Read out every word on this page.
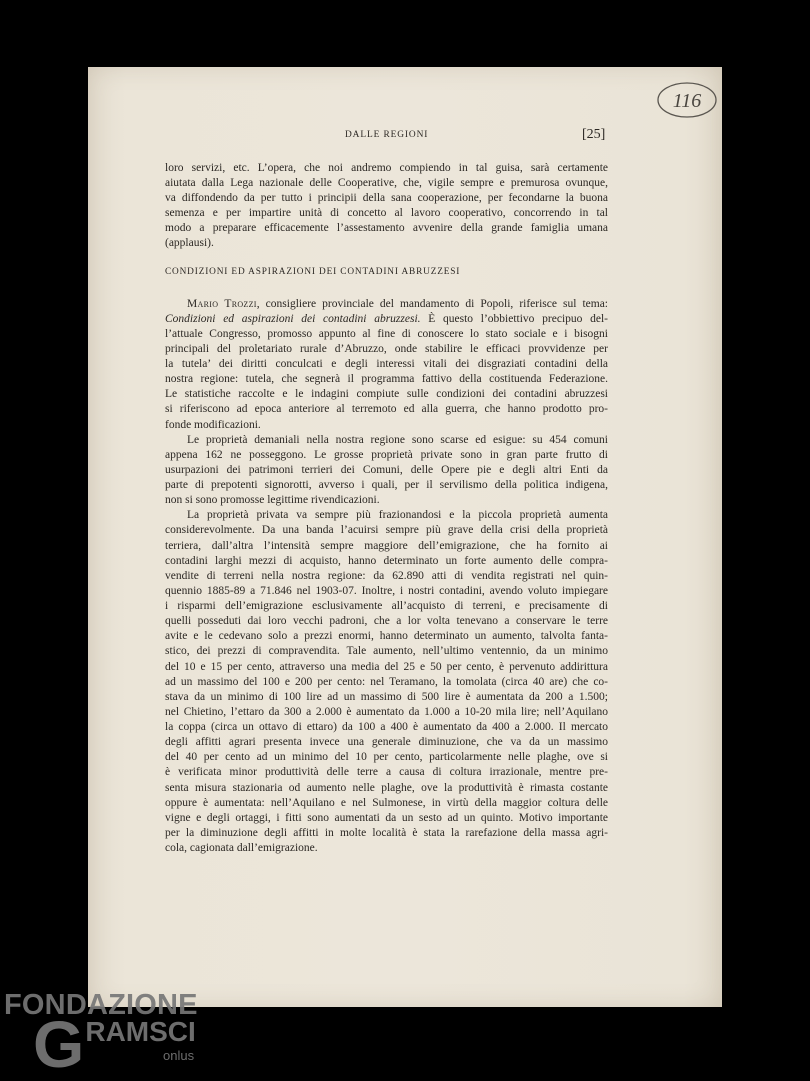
116
DALLE REGIONI	[25]
loro servizi, etc. L’opera, che noi andremo compiendo in tal guisa, sarà certamente
aiutata dalla Lega nazionale delle Cooperative, che, vigile sempre e premurosa ovunque,
va diffondendo da per tutto i principii della sana cooperazione, per fecondarne la buona
semenza e per impartire unità di concetto al lavoro cooperativo, concorrendo in tal
modo a preparare efficacemente l’assestamento avvenire della grande famiglia umana
(applausi).
CONDIZIONI ED ASPIRAZIONI DEI CONTADINI ABRUZZESI
Mario Trozzi, consigliere provinciale del mandamento di Popoli, riferisce sul tema:
Condizioni ed aspirazioni dei contadini abruzzesi. È questo l’obbiettivo precipuo del-
l’attuale Congresso, promosso appunto al fine di conoscere lo stato sociale e i bisogni
principali del proletariato rurale d’Abruzzo, onde stabilire le efficaci provvidenze per
la tutela’ dei diritti conculcati e degli interessi vitali dei disgraziati contadini della
nostra regione: tutela, che segnerà il programma fattivo della costituenda Federazione.
Le statistiche raccolte e le indagini compiute sulle condizioni dei contadini abruzzesi
si riferiscono ad epoca anteriore al terremoto ed alla guerra, che hanno prodotto pro-
fonde modificazioni.
Le proprietà demaniali nella nostra regione sono scarse ed esigue: su 454 comuni
appena 162 ne posseggono. Le grosse proprietà private sono in gran parte frutto di
usurpazioni dei patrimoni terrieri dei Comuni, delle Opere pie e degli altri Enti da
parte di prepotenti signorotti, avverso i quali, per il servilismo della politica indigena,
non si sono promosse legittime rivendicazioni.
La proprietà privata va sempre più frazionandosi e la piccola proprietà aumenta
considerevolmente. Da una banda l’acuirsi sempre più grave della crisi della proprietà
terriera, dall’altra l’intensità sempre maggiore dell’emigrazione, che ha fornito ai
contadini larghi mezzi di acquisto, hanno determinato un forte aumento delle compra-
vendite di terreni nella nostra regione: da 62.890 atti di vendita registrati nel quin-
quennio 1885-89 a 71.846 nel 1903-07. Inoltre, i nostri contadini, avendo voluto impiegare
i risparmi dell’emigrazione esclusivamente all’acquisto di terreni, e precisamente di
quelli posseduti dai loro vecchi padroni, che a lor volta tenevano a conservare le terre
avite e le cedevano solo a prezzi enormi, hanno determinato un aumento, talvolta fanta-
stico, dei prezzi di compravendita. Tale aumento, nell’ultimo ventennio, da un minimo
del 10 e 15 per cento, attraverso una media del 25 e 50 per cento, è pervenuto addirittura
ad un massimo del 100 e 200 per cento: nel Teramano, la tomolata (circa 40 are) che co-
stava da un minimo di 100 lire ad un massimo di 500 lire è aumentata da 200 a 1.500;
nel Chietino, l’ettaro da 300 a 2.000 è aumentato da 1.000 a 10-20 mila lire; nell’Aquilano
la coppa (circa un ottavo di ettaro) da 100 a 400 è aumentato da 400 a 2.000. Il mercato
degli affitti agrari presenta invece una generale diminuzione, che va da un massimo
del 40 per cento ad un minimo del 10 per cento, particolarmente nelle plaghe, ove si
è verificata minor produttività delle terre a causa di coltura irrazionale, mentre pre-
senta misura stazionaria od aumento nelle plaghe, ove la produttività è rimasta costante
oppure è aumentata: nell’Aquilano e nel Sulmonese, in virtù della maggior coltura delle
vigne e degli ortaggi, i fitti sono aumentati da un sesto ad un quinto. Motivo importante
per la diminuzione degli affitti in molte località è stata la rarefazione della massa agri-
cola, cagionata dall’emigrazione.
FONDAZIONE
GRAMSCI
onlus
